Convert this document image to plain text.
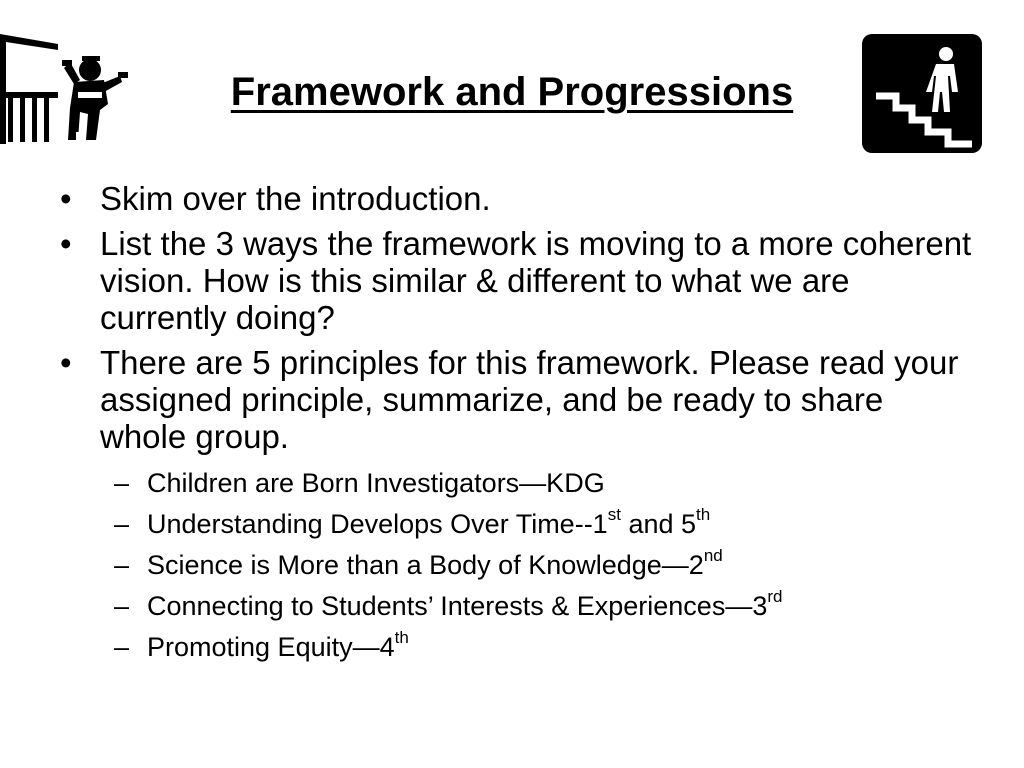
Framework and Progressions
• Skim over the introduction.
• List the 3 ways the framework is moving to a more coherent vision. How is this similar & different to what we are currently doing?
• There are 5 principles for this framework. Please read your assigned principle, summarize, and be ready to share whole group.
– Children are Born Investigators—KDG
– Understanding Develops Over Time--1st and 5th
– Science is More than a Body of Knowledge—2nd
– Connecting to Students’ Interests & Experiences—3rd
– Promoting Equity—4th
